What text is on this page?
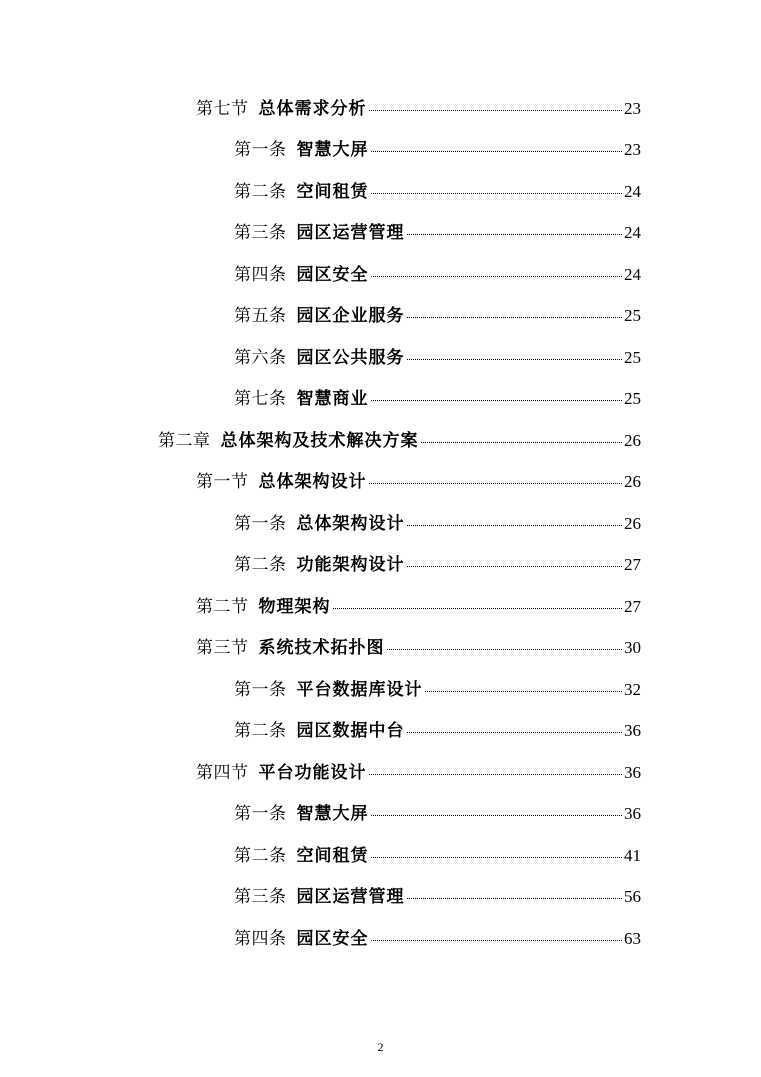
第七节 总体需求分析	23
第一条 智慧大屏	23
第二条 空间租赁	24
第三条 园区运营管理	24
第四条 园区安全	24
第五条 园区企业服务	25
第六条 园区公共服务	25
第七条 智慧商业	25
第二章 总体架构及技术解决方案	26
第一节 总体架构设计	26
第一条 总体架构设计	26
第二条 功能架构设计	27
第二节 物理架构	27
第三节 系统技术拓扑图	30
第一条 平台数据库设计	32
第二条 园区数据中台	36
第四节 平台功能设计	36
第一条 智慧大屏	36
第二条 空间租赁	41
第三条 园区运营管理	56
第四条 园区安全	63
2
